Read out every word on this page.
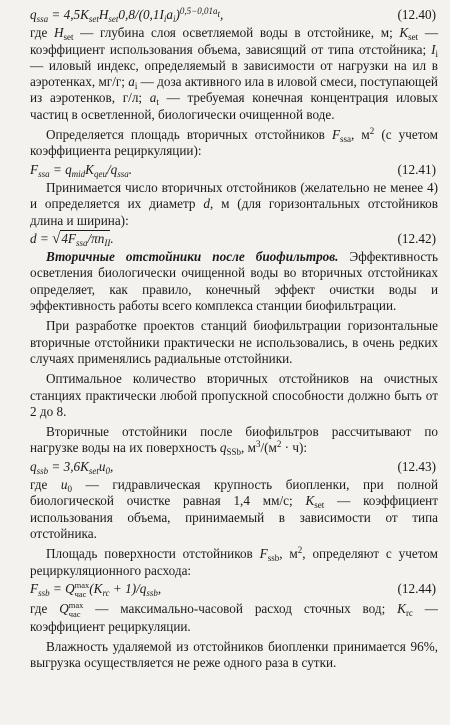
$q_{ssa} = 4,5K_{set}H_{set}0,8/(0,1I_ia_i)^{0,5-0,01a_t}$,	(12.40)

где $H_{set}$ — глубина слоя осветляемой воды в отстойнике, м; $K_{set}$ — коэффициент использования объема, зависящий от типа отстойника; $I_i$ — иловый индекс, определяемый в зависимости от нагрузки на ил в аэротенках, мг/г; $a_i$ — доза активного ила в иловой смеси, поступающей из аэротенков, г/л; $a_t$ — требуемая конечная концентрация иловых частиц в осветленной, биологически очищенной воде.

Определяется площадь вторичных отстойников $F_{ssa}$, $м^2$ (с учетом коэффициента рециркуляции):

$F_{ssa} = q_{mid}K_{qeu}/q_{ssa}$.	(12.41)

Принимается число вторичных отстойников (желательно не менее 4) и определяется их диаметр d, м (для горизонтальных отстойников длина и ширина):

$d = √4F_{ssa}/\pi n_{II}$.	(12.42)

Вторичные отстойники после биофильтров. Эффективность осветления биологически очищенной воды во вторичных отстойниках определяет, как правило, конечный эффект очистки воды и эффективность работы всего комплекса станции биофильтрации.

При разработке проектов станций биофильтрации горизонтальные вторичные отстойники практически не использовались, в очень редких случаях применялись радиальные отстойники.

Оптимальное количество вторичных отстойников на очистных станциях практически любой пропускной способности должно быть от 2 до 8.

Вторичные отстойники после биофильтров рассчитывают по нагрузке воды на их поверхность $q_{SSb}$, $м^3/(м^2 \cdot ч)$:

$q_{ssb} = 3,6K_{set}u_0$,	(12.43)

где $u_0$ — гидравлическая крупность биопленки, при полной биологической очистке равная 1,4 мм/с; $K_{set}$ — коэффициент использования объема, принимаемый в зависимости от типа отстойника.

Площадь поверхности отстойников $F_{ssb}$, $м^2$, определяют с учетом рециркуляционного расхода:

$F_{ssb} = Qmax$
час $(K_{rc} + 1)/q_{ssb}$,	(12.44)

где Qmax
час — максимально-часовой расход сточных вод; $K_{rc}$ — коэффициент рециркуляции.

Влажность удаляемой из отстойников биопленки принимается 96%, выгрузка осуществляется не реже одного раза в сутки.
